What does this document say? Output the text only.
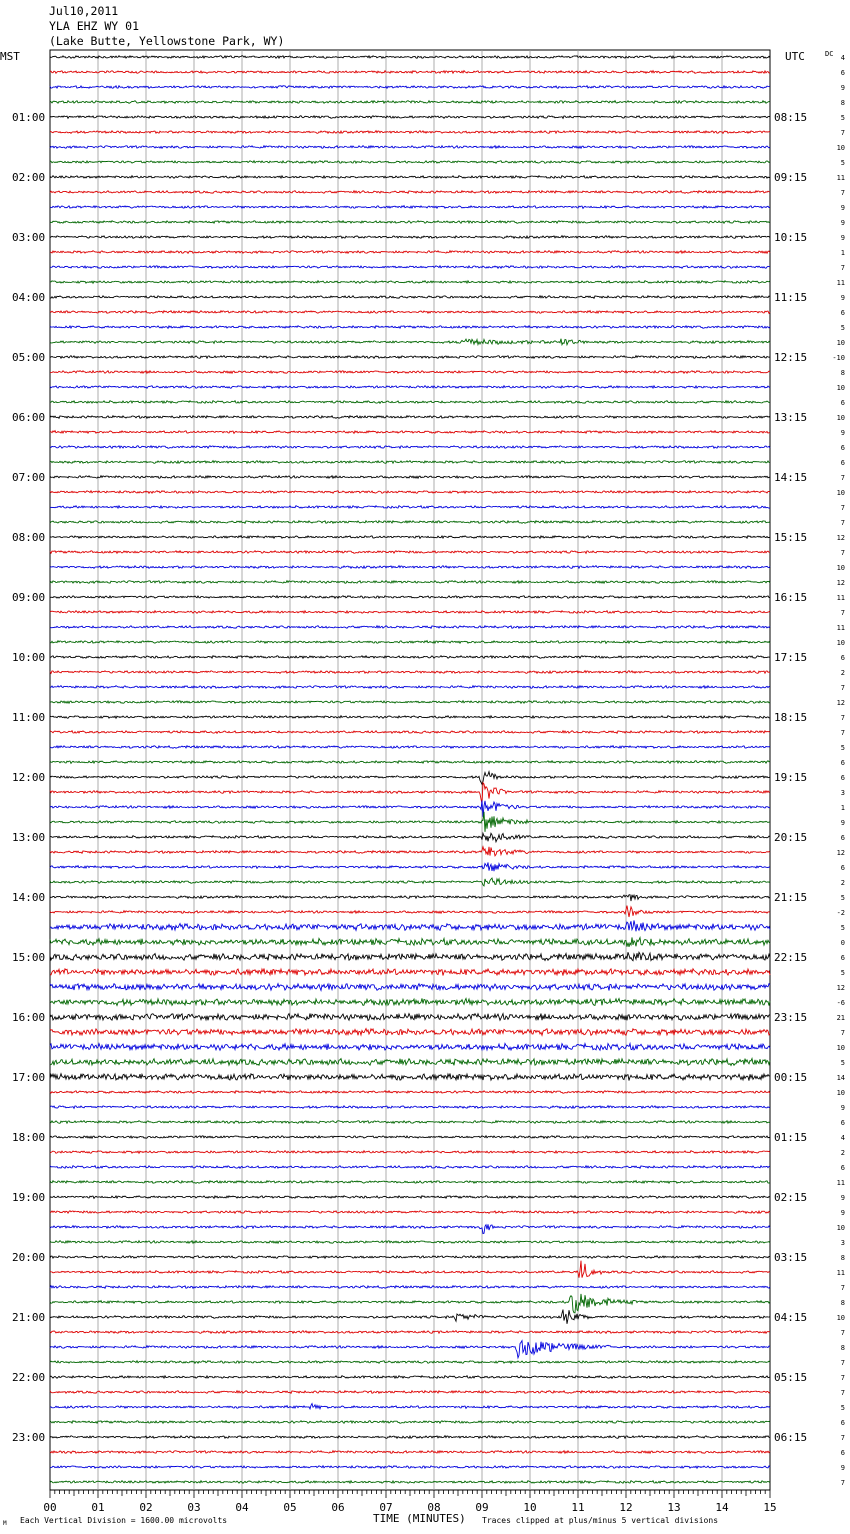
Jul10,2011
YLA EHZ WY 01
(Lake Butte, Yellowstone Park, WY)
01:00
02:00
03:00
04:00
05:00
06:00
07:00
08:00
09:00
10:00
11:00
12:00
13:00
14:00
15:00
16:00
17:00
18:00
19:00
20:00
21:00
22:00
23:00
08:15
09:15
10:15
11:15
12:15
13:15
14:15
15:15
16:15
17:15
18:15
19:15
20:15
21:15
22:15
23:15
00:15
01:15
02:15
03:15
04:15
05:15
06:15
4
6
9
8
5
7
10
5
11
7
9
9
9
1
7
11
9
6
5
10
-10
8
10
6
10
9
6
6
7
10
7
7
12
7
10
12
11
7
11
10
6
2
7
12
7
7
5
6
6
3
1
9
6
12
6
2
5
-2
5
0
6
5
12
-6
21
7
10
5
14
10
9
6
4
2
6
11
9
9
10
3
8
11
7
8
10
7
8
7
7
7
5
6
7
6
9
7
00	01	02	03	04	05	06	07	08	09	10	11	12	13	14	15
MST	UTC	DC
TIME (MINUTES)
Each Vertical Division = 1600.00 microvolts	Traces clipped at plus/minus 5 vertical divisions
M
